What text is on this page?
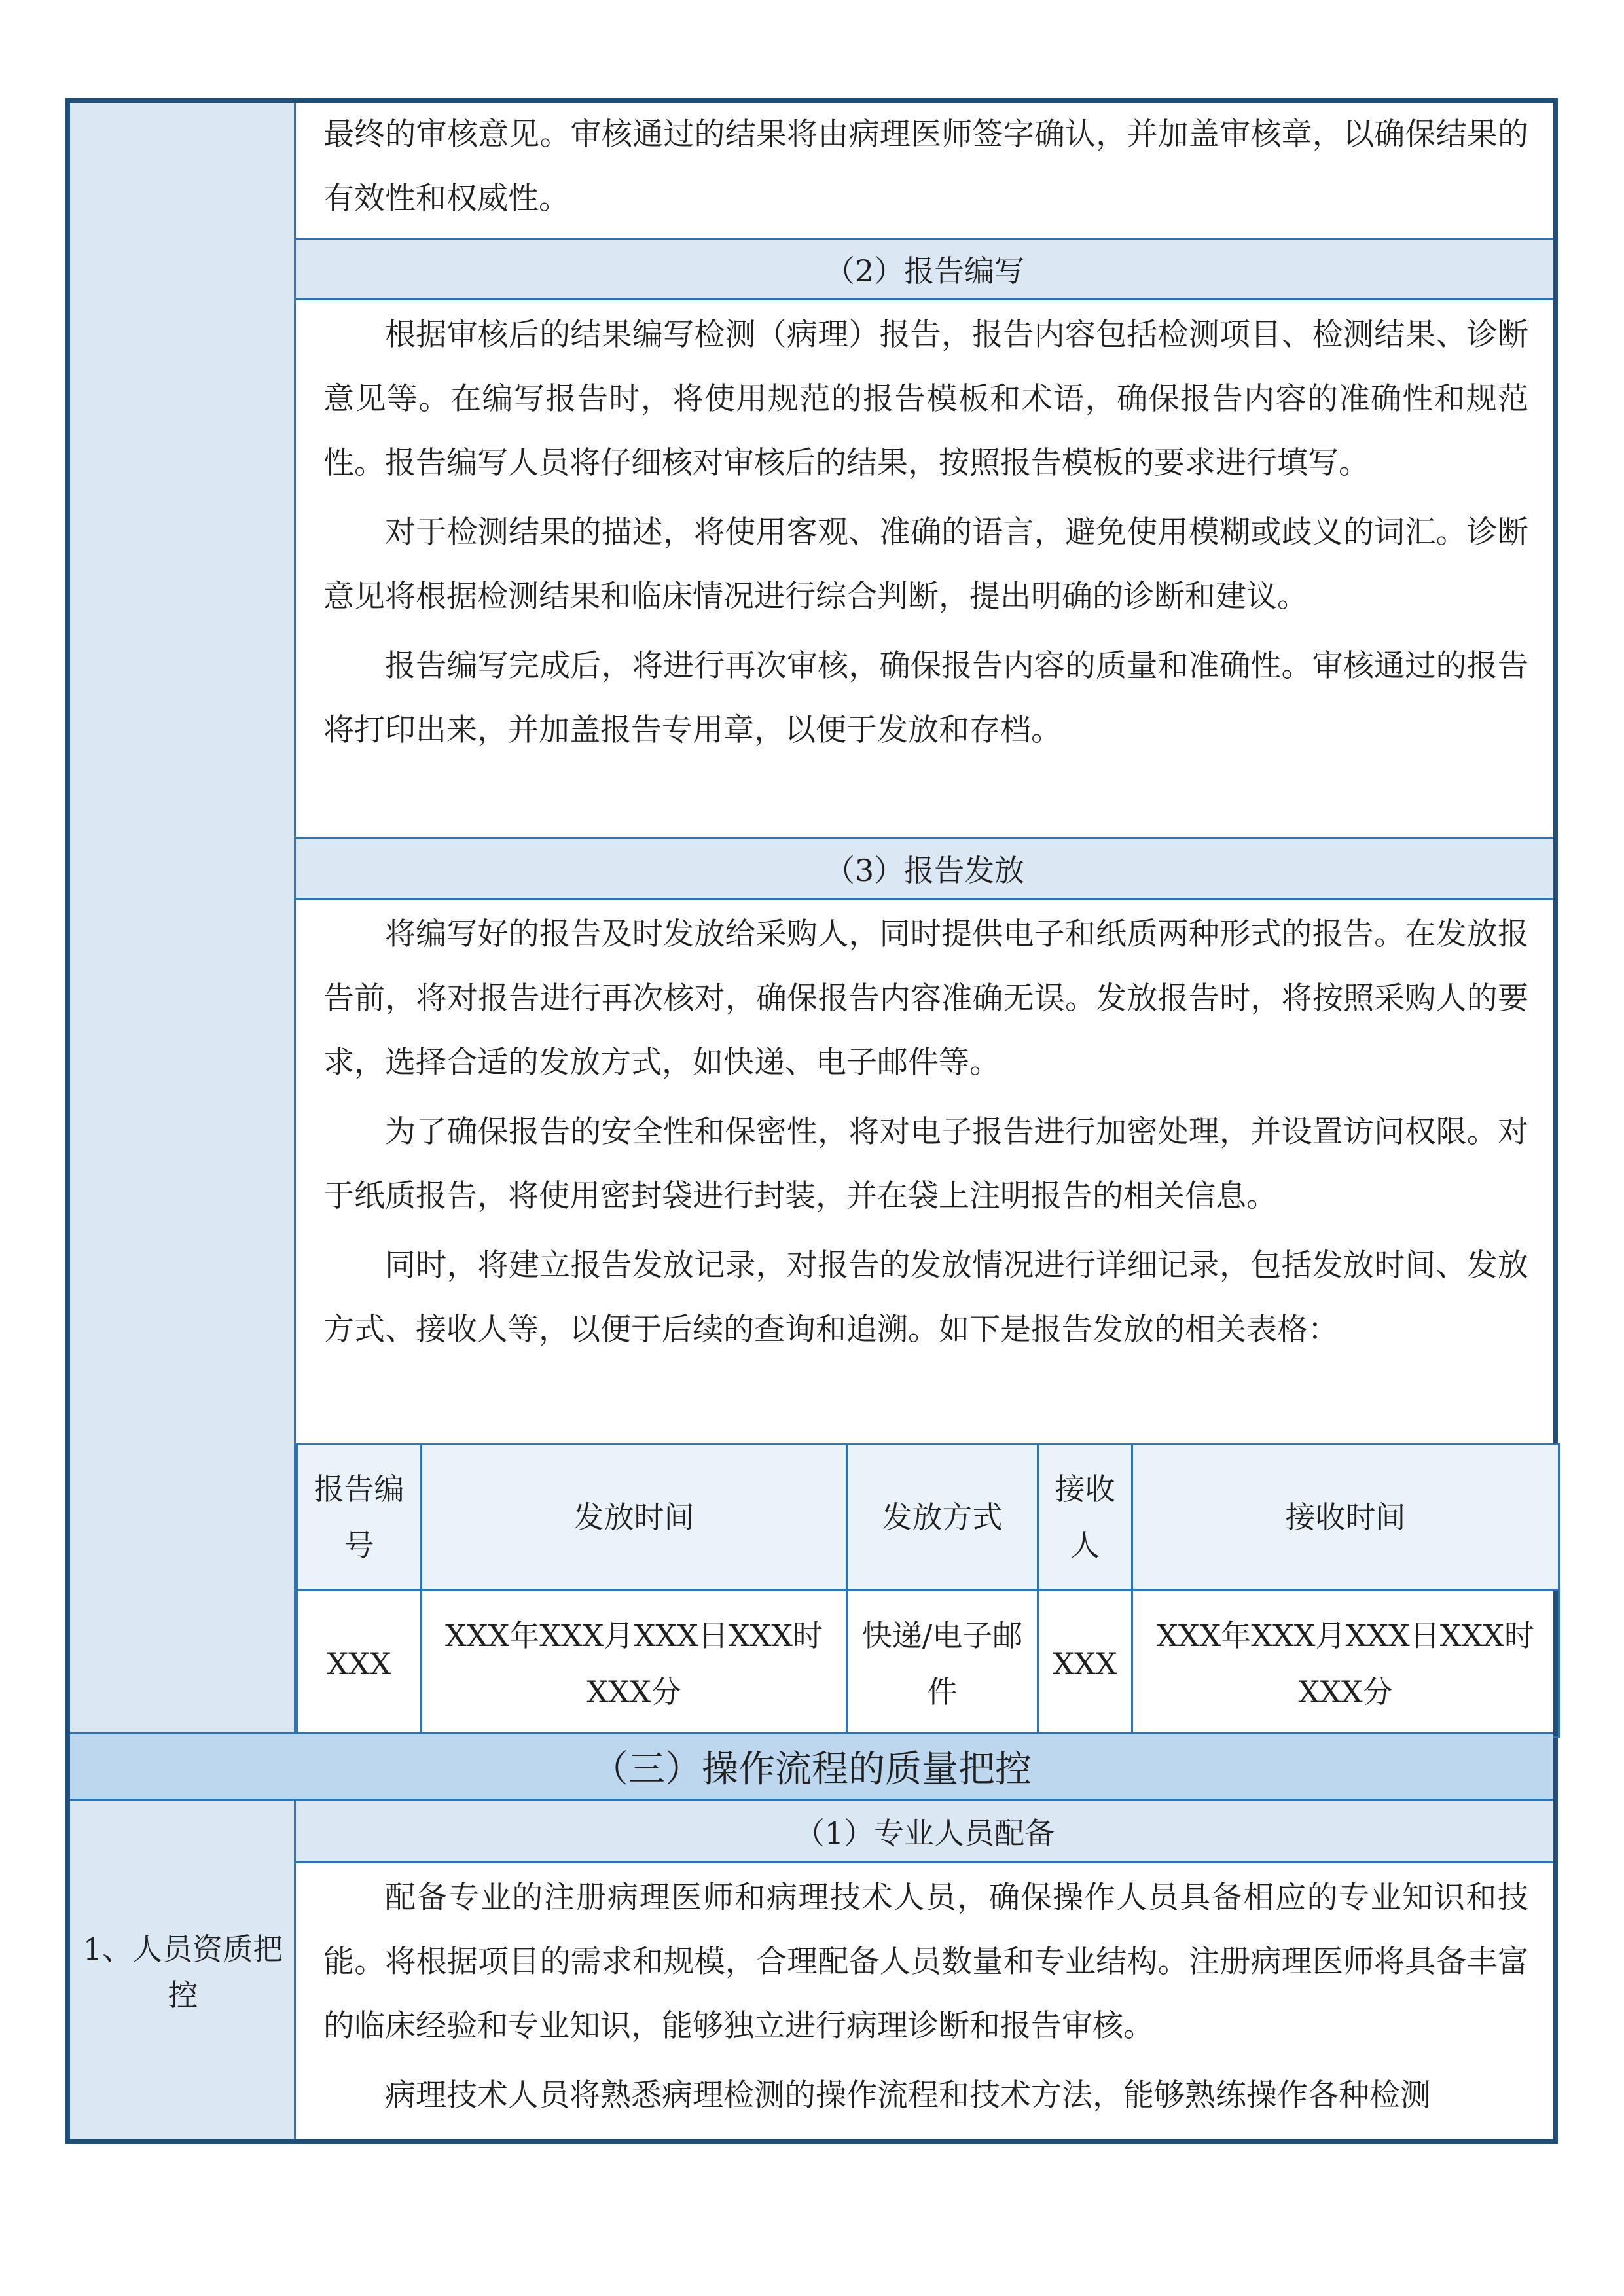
最终的审核意见。审核通过的结果将由病理医师签字确认，并加盖审核章，以确保结果的有效性和权威性。

（2）报告编写

根据审核后的结果编写检测（病理）报告，报告内容包括检测项目、检测结果、诊断意见等。在编写报告时，将使用规范的报告模板和术语，确保报告内容的准确性和规范性。报告编写人员将仔细核对审核后的结果，按照报告模板的要求进行填写。

对于检测结果的描述，将使用客观、准确的语言，避免使用模糊或歧义的词汇。诊断意见将根据检测结果和临床情况进行综合判断，提出明确的诊断和建议。

报告编写完成后，将进行再次审核，确保报告内容的质量和准确性。审核通过的报告将打印出来，并加盖报告专用章，以便于发放和存档。

（3）报告发放

将编写好的报告及时发放给采购人，同时提供电子和纸质两种形式的报告。在发放报告前，将对报告进行再次核对，确保报告内容准确无误。发放报告时，将按照采购人的要求，选择合适的发放方式，如快递、电子邮件等。

为了确保报告的安全性和保密性，将对电子报告进行加密处理，并设置访问权限。对于纸质报告，将使用密封袋进行封装，并在袋上注明报告的相关信息。

同时，将建立报告发放记录，对报告的发放情况进行详细记录，包括发放时间、发放方式、接收人等，以便于后续的查询和追溯。如下是报告发放的相关表格：

报告编号	发放时间	发放方式	接收人	接收时间
XXX	XXX年XXX月XXX日XXX时XXX分	快递/电子邮件	XXX	XXX年XXX月XXX日XXX时XXX分
（三）操作流程的质量把控
1、人员资质把控
（1）专业人员配备

配备专业的注册病理医师和病理技术人员，确保操作人员具备相应的专业知识和技能。将根据项目的需求和规模，合理配备人员数量和专业结构。注册病理医师将具备丰富的临床经验和专业知识，能够独立进行病理诊断和报告审核。

病理技术人员将熟悉病理检测的操作流程和技术方法，能够熟练操作各种检测
